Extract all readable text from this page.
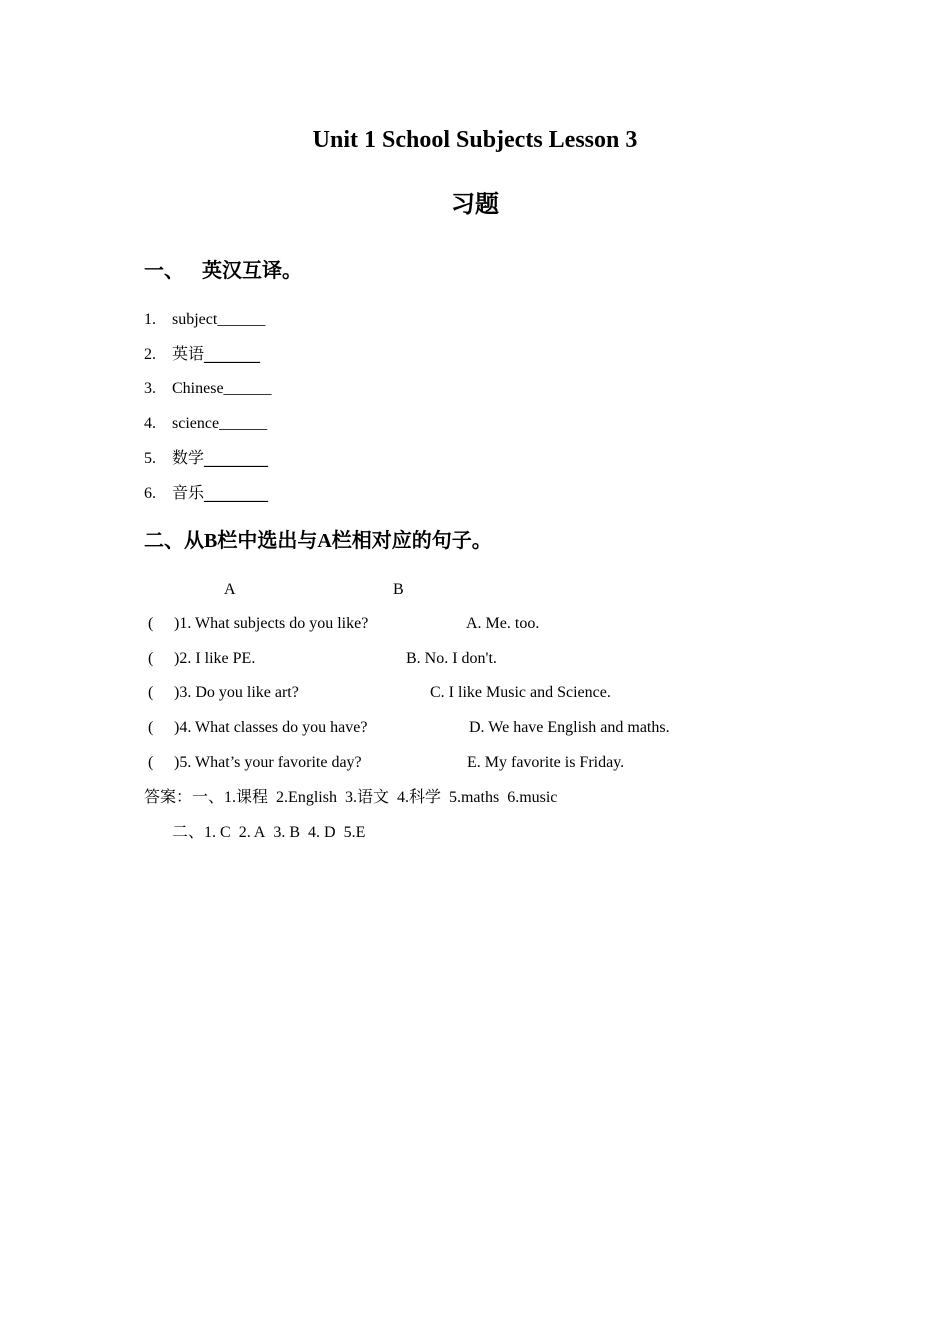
Unit 1 School Subjects Lesson 3
习题
一、 英汉互译。
1. subject______
2. 英语_______
3. Chinese______
4. science______
5. 数学________
6. 音乐________
二、从B栏中选出与A栏相对应的句子。
A	B
( )1. What subjects do you like?	A. Me. too.
( )2. I like PE.	B. No. I don't.
( )3. Do you like art?	C. I like Music and Science.
( )4. What classes do you have?	D. We have English and maths.
( )5. What’s your favorite day?	E. My favorite is Friday.
答案：一、1.课程 2.English 3.语文 4.科学 5.maths 6.music
二、1. C 2. A 3. B 4. D 5.E
